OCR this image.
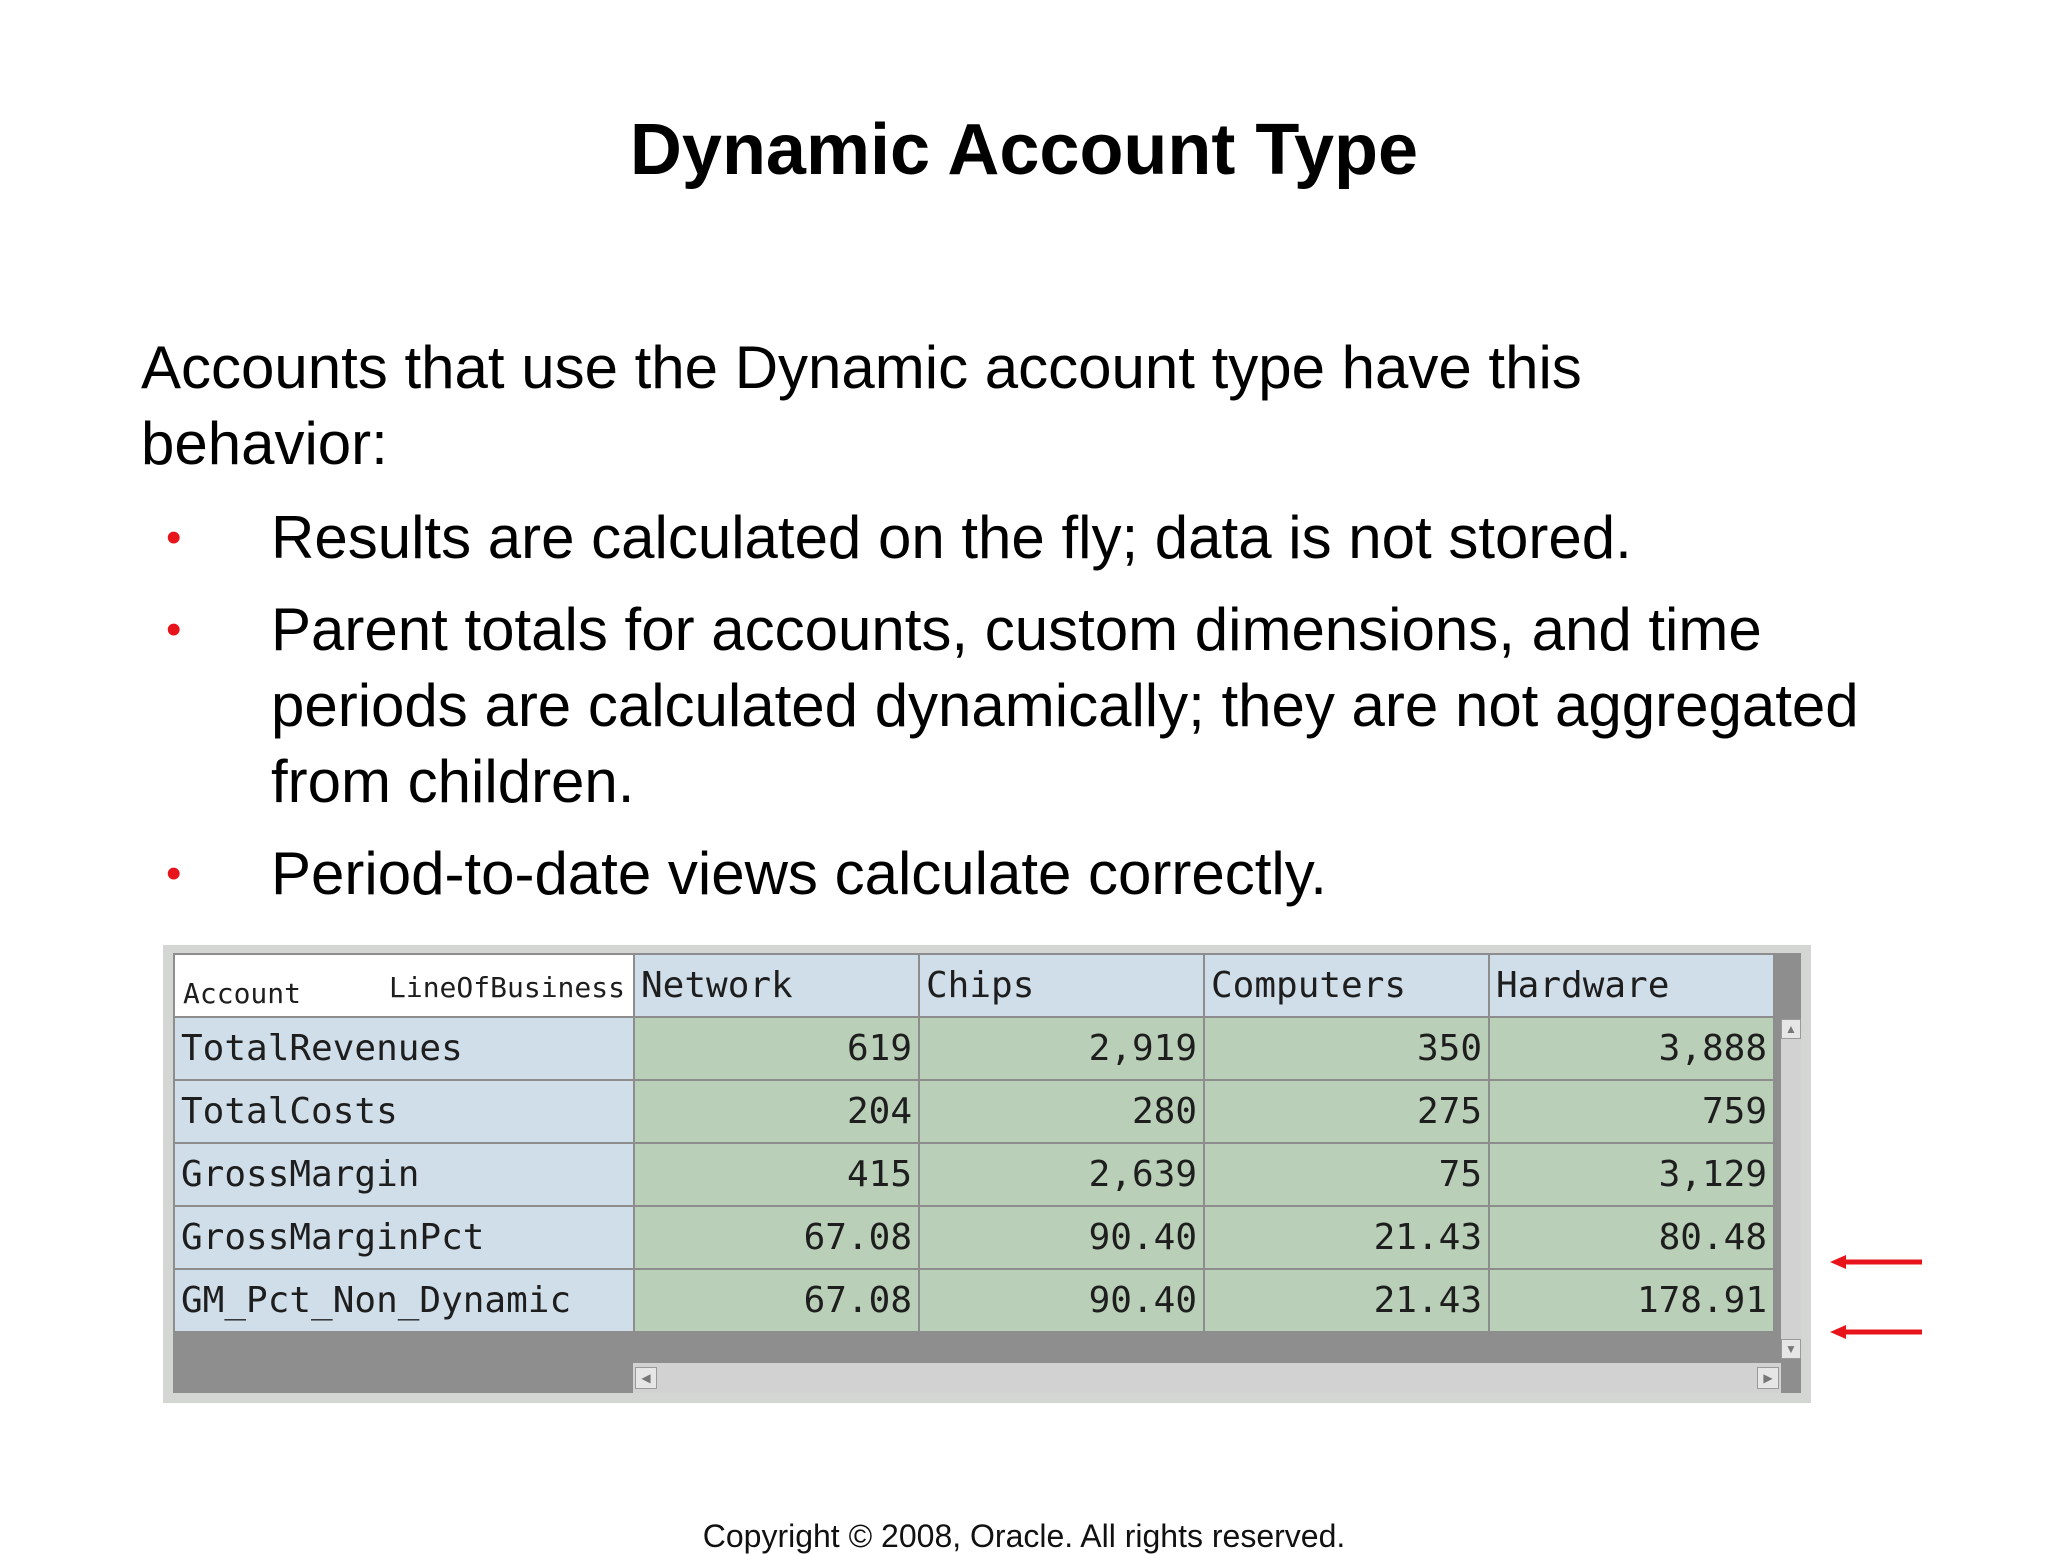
Dynamic Account Type
Accounts that use the Dynamic account type have this behavior:
• Results are calculated on the fly; data is not stored.
• Parent totals for accounts, custom dimensions, and time periods are calculated dynamically; they are not aggregated from children.
• Period-to-date views calculate correctly.
LineOfBusiness
Account	Network	Chips	Computers	Hardware
TotalRevenues	619	2,919	350	3,888
TotalCosts	204	280	275	759
GrossMargin	415	2,639	75	3,129
GrossMarginPct	67.08	90.40	21.43	80.48
GM_Pct_Non_Dynamic	67.08	90.40	21.43	178.91
▲
▼
◀	▶
Copyright © 2008, Oracle. All rights reserved.
